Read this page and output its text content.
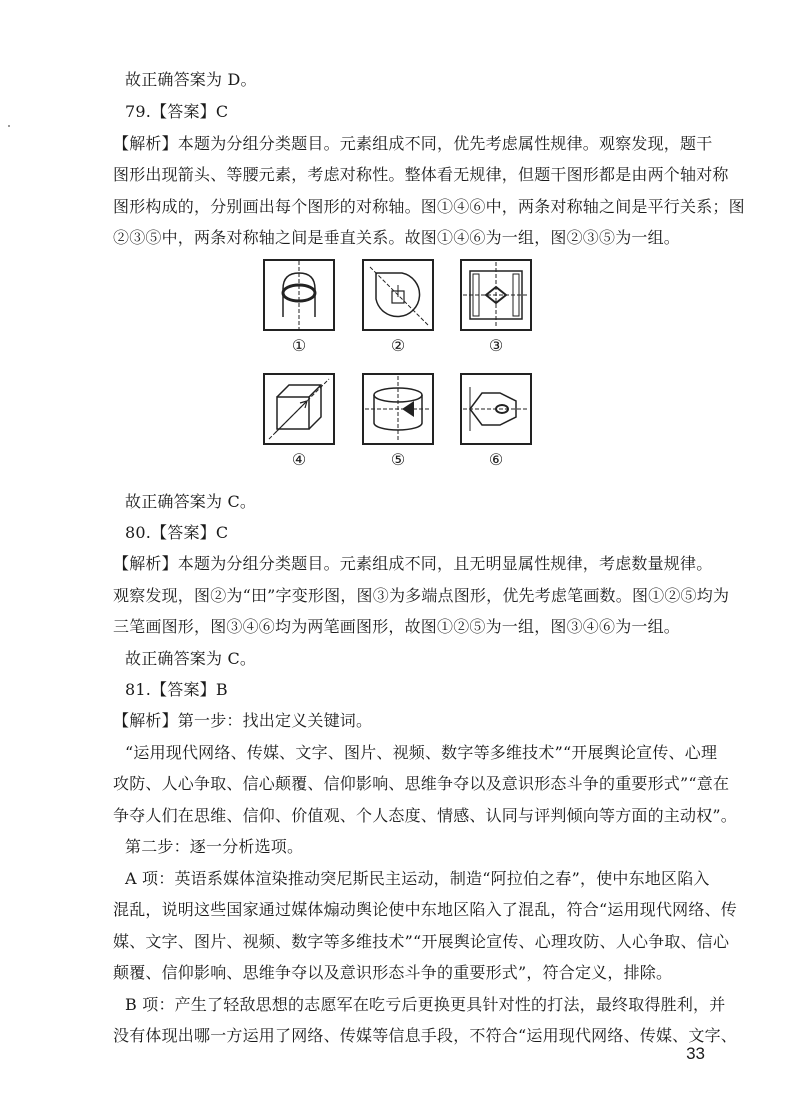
故正确答案为 D。
79.【答案】C
【解析】本题为分组分类题目。元素组成不同，优先考虑属性规律。观察发现，题干
图形出现箭头、等腰元素，考虑对称性。整体看无规律，但题干图形都是由两个轴对称
图形构成的，分别画出每个图形的对称轴。图①④⑥中，两条对称轴之间是平行关系；图
②③⑤中，两条对称轴之间是垂直关系。故图①④⑥为一组，图②③⑤为一组。
①	②	③
④	⑤	⑥
故正确答案为 C。
80.【答案】C
【解析】本题为分组分类题目。元素组成不同，且无明显属性规律，考虑数量规律。
观察发现，图②为“田”字变形图，图③为多端点图形，优先考虑笔画数。图①②⑤均为
三笔画图形，图③④⑥均为两笔画图形，故图①②⑤为一组，图③④⑥为一组。
故正确答案为 C。
81.【答案】B
【解析】第一步：找出定义关键词。
“运用现代网络、传媒、文字、图片、视频、数字等多维技术”“开展舆论宣传、心理
攻防、人心争取、信心颠覆、信仰影响、思维争夺以及意识形态斗争的重要形式”“意在
争夺人们在思维、信仰、价值观、个人态度、情感、认同与评判倾向等方面的主动权”。
第二步：逐一分析选项。
A 项：英语系媒体渲染推动突尼斯民主运动，制造“阿拉伯之春”，使中东地区陷入
混乱，说明这些国家通过媒体煽动舆论使中东地区陷入了混乱，符合“运用现代网络、传
媒、文字、图片、视频、数字等多维技术”“开展舆论宣传、心理攻防、人心争取、信心
颠覆、信仰影响、思维争夺以及意识形态斗争的重要形式”，符合定义，排除。
B 项：产生了轻敌思想的志愿军在吃亏后更换更具针对性的打法，最终取得胜利，并
没有体现出哪一方运用了网络、传媒等信息手段，不符合“运用现代网络、传媒、文字、
33
